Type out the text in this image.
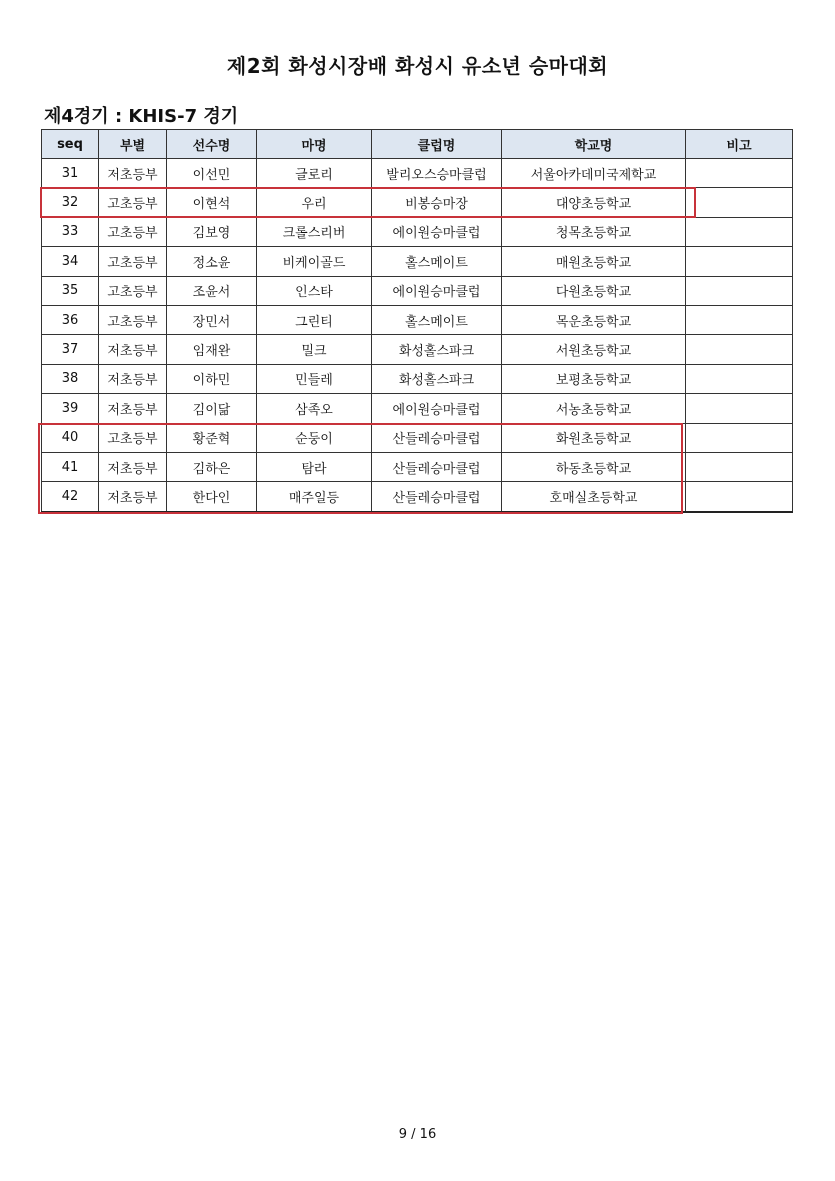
제2회 화성시장배 화성시 유소년 승마대회
제4경기 : KHIS-7 경기
seq	부별	선수명	마명	클럽명	학교명	비고
31	저초등부	이선민	글로리	발리오스승마클럽	서울아카데미국제학교	
32	고초등부	이현석	우리	비봉승마장	대양초등학교	
33	고초등부	김보영	크롤스리버	에이원승마클럽	청목초등학교	
34	고초등부	정소윤	비케이골드	홀스메이트	매원초등학교	
35	고초등부	조윤서	인스타	에이원승마클럽	다원초등학교	
36	고초등부	장민서	그린티	홀스메이트	목운초등학교	
37	저초등부	임재완	밀크	화성홀스파크	서원초등학교	
38	저초등부	이하민	민들레	화성홀스파크	보평초등학교	
39	저초등부	김이닮	삼족오	에이원승마클럽	서농초등학교	
40	고초등부	황준혁	순둥이	산들레승마클럽	화원초등학교	
41	저초등부	김하은	탐라	산들레승마클럽	하동초등학교	
42	저초등부	한다인	매주일등	산들레승마클럽	호매실초등학교	
9 / 16
